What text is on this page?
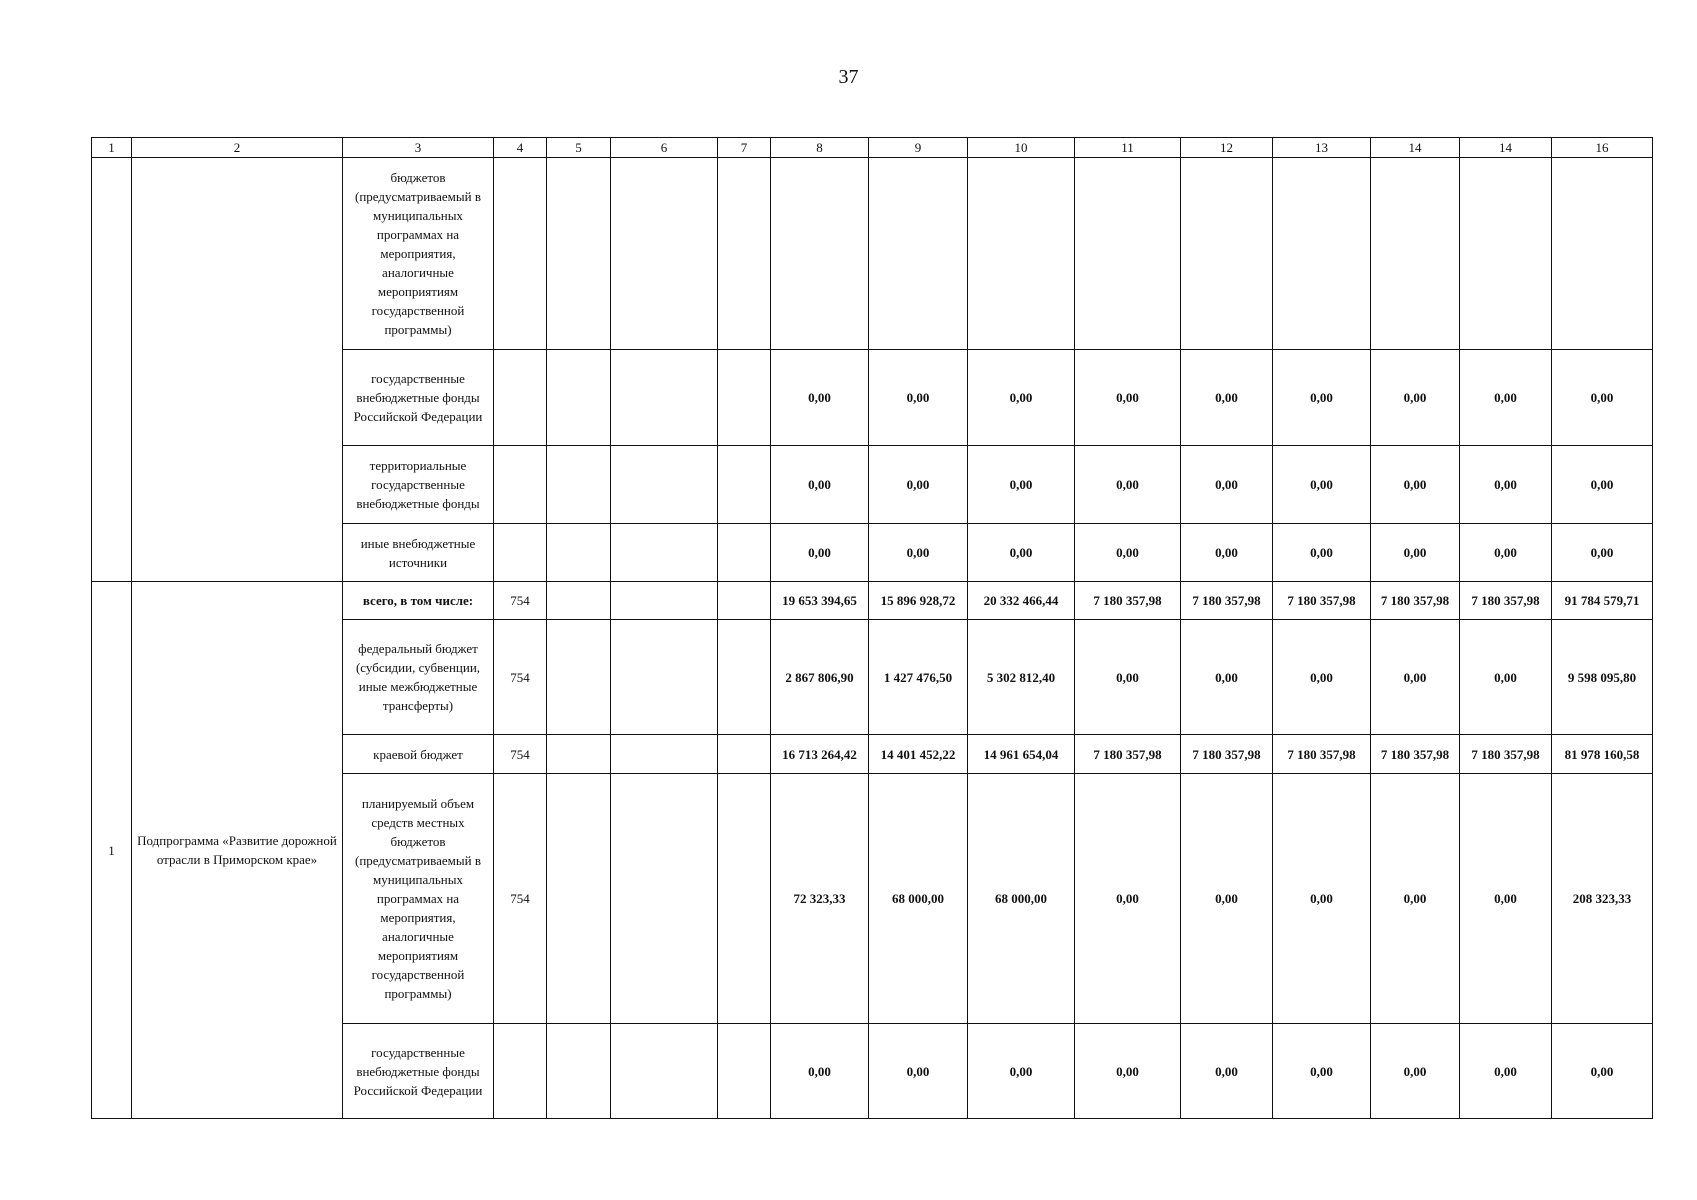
37
1	2	3	4	5	6	7	8	9	10	11	12	13	14	14	16
		бюджетов (предусматриваемый в муниципальных программах на мероприятия, аналогичные мероприятиям государственной программы)													
		государственные внебюджетные фонды Российской Федерации					0,00	0,00	0,00	0,00	0,00	0,00	0,00	0,00	0,00
		территориальные государственные внебюджетные фонды					0,00	0,00	0,00	0,00	0,00	0,00	0,00	0,00	0,00
		иные внебюджетные источники					0,00	0,00	0,00	0,00	0,00	0,00	0,00	0,00	0,00
1	Подпрограмма «Развитие дорожной отрасли в Приморском крае»	всего, в том числе:	754				19 653 394,65	15 896 928,72	20 332 466,44	7 180 357,98	7 180 357,98	7 180 357,98	7 180 357,98	7 180 357,98	91 784 579,71
		федеральный бюджет (субсидии, субвенции, иные межбюджетные трансферты)	754				2 867 806,90	1 427 476,50	5 302 812,40	0,00	0,00	0,00	0,00	0,00	9 598 095,80
		краевой бюджет	754				16 713 264,42	14 401 452,22	14 961 654,04	7 180 357,98	7 180 357,98	7 180 357,98	7 180 357,98	7 180 357,98	81 978 160,58
		планируемый объем средств местных бюджетов (предусматриваемый в муниципальных программах на мероприятия, аналогичные мероприятиям государственной программы)	754				72 323,33	68 000,00	68 000,00	0,00	0,00	0,00	0,00	0,00	208 323,33
		государственные внебюджетные фонды Российской Федерации					0,00	0,00	0,00	0,00	0,00	0,00	0,00	0,00	0,00
